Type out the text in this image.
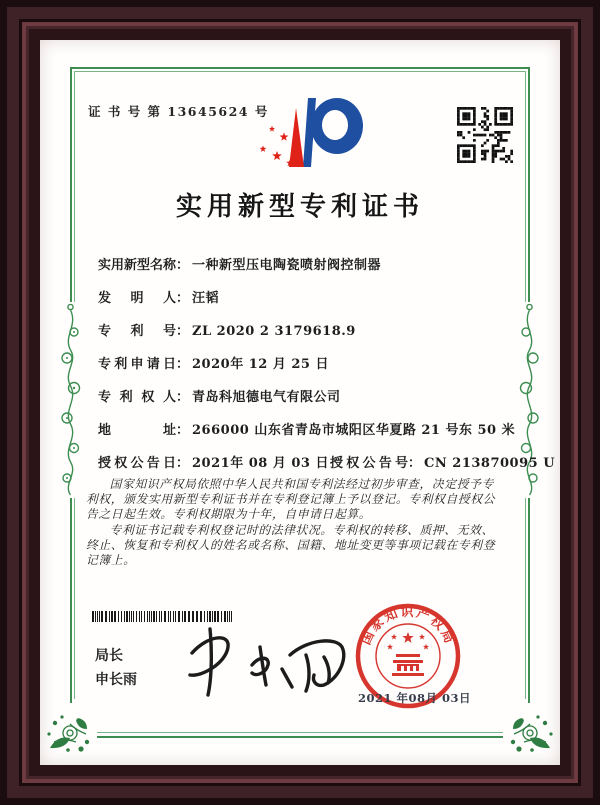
证 书 号 第 13645624 号
实用新型专利证书
实用新型名称： 一种新型压电陶瓷喷射阀控制器
发明人： 汪韬
专利号： ZL 2020 2 3179618.9
专利申请日： 2020年 12 月 25 日
专利权人： 青岛科旭德电气有限公司
地址： 266000 山东省青岛市城阳区华夏路 21 号东 50 米
授权公告日： 2021年 08 月 03 日 授权公告号： CN 213870095 U

国家知识产权局依照中华人民共和国专利法经过初步审查，决定授予专利权，颁发实用新型专利证书并在专利登记簿上予以登记。专利权自授权公告之日起生效。专利权期限为十年，自申请日起算。

专利证书记载专利权登记时的法律状况。专利权的转移、质押、无效、终止、恢复和专利权人的姓名或名称、国籍、地址变更等事项记载在专利登记簿上。

局长
申长雨
2021 年08月 03日
国家知识产权局
